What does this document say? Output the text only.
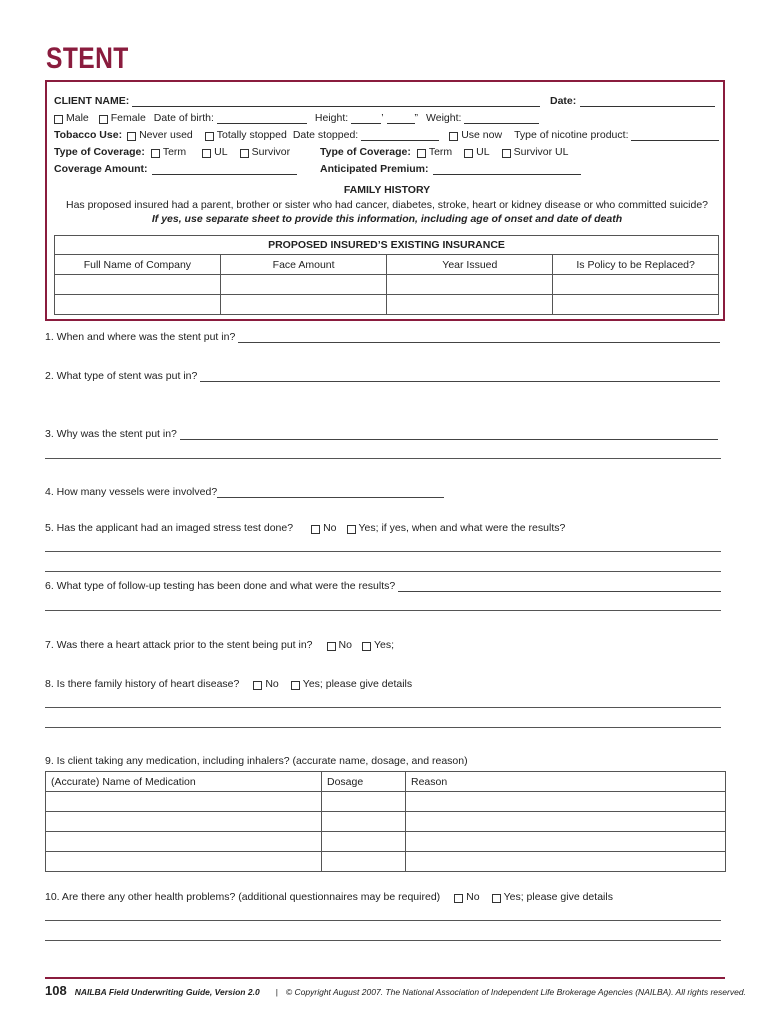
STENT
CLIENT NAME:	Date:
Male Female Date of birth:	Height:	’	” Weight:
Tobacco Use: Never used Totally stopped Date stopped:	Use now Type of nicotine product:
Type of Coverage: Term	UL Survivor	Type of Coverage: Term UL Survivor UL
Coverage Amount:	Anticipated Premium:
FAMILY HISTORY
Has proposed insured had a parent, brother or sister who had cancer, diabetes, stroke, heart or kidney disease or who committed suicide?
If yes, use separate sheet to provide this information, including age of onset and date of death
PROPOSED INSURED’S EXISTING INSURANCE			
Full Name of Company	Face Amount	Year Issued	Is Policy to be Replaced?

1. When and where was the stent put in?
2. What type of stent was put in?
3. Why was the stent put in?
4. How many vessels were involved?
5. Has the applicant had an imaged stress test done?	No Yes; if yes, when and what were the results?
6. What type of follow-up testing has been done and what were the results?
7. Was there a heart attack prior to the stent being put in? No Yes;
8. Is there family history of heart disease? No Yes; please give details
9. Is client taking any medication, including inhalers? (accurate name, dosage, and reason)
(Accurate) Name of Medication	Dosage	Reason

10. Are there any other health problems? (additional questionnaires may be required) No Yes; please give details
108 NAILBA Field Underwriting Guide, Version 2.0 | © Copyright August 2007. The National Association of Independent Life Brokerage Agencies (NAILBA). All rights reserved.
